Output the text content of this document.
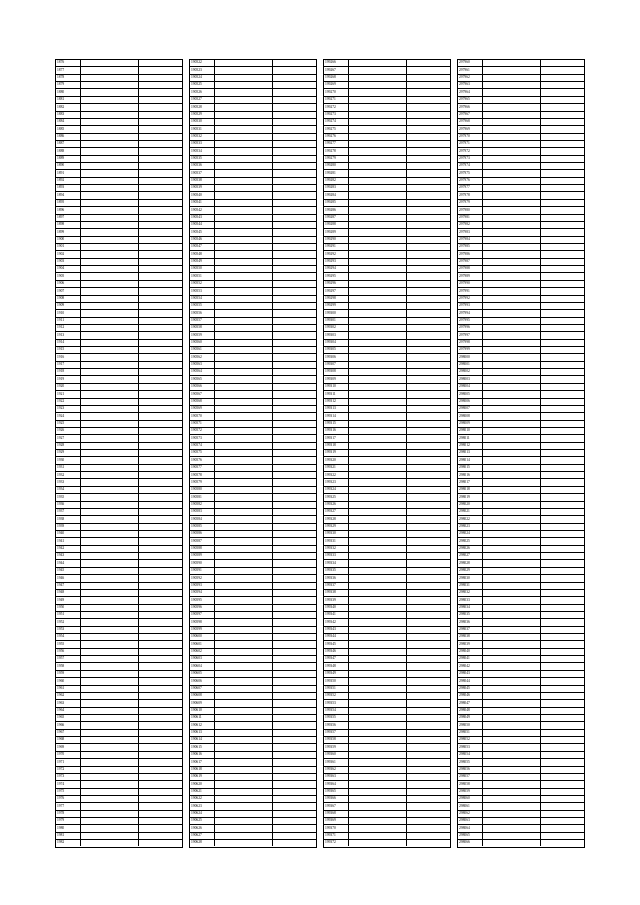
1876
1877
1878
1879
1880
1881
1882
1883
1884
1885
1886
1887
1888
1889
1890
1891
1892
1893
1894
1895
1896
1897
1898
1899
1900
1901
1902
1903
1904
1905
1906
1907
1908
1909
1910
1911
1912
1913
1914
1915
1916
1917
1918
1919
1920
1921
1922
1923
1924
1925
1926
1927
1928
1929
1930
1931
1932
1933
1934
1935
1936
1937
1938
1939
1940
1941
1942
1943
1944
1945
1946
1947
1948
1949
1950
1951
1952
1953
1954
1955
1956
1957
1958
1959
1960
1961
1962
1963
1964
1965
1966
1967
1968
1969
1970
1971
1972
1973
1974
1975
1976
1977
1978
1979
1980
1981
1982
190522
190523
190524
190525
190526
190527
190528
190529
190530
190531
190532
190533
190534
190535
190536
190537
190538
190539
190540
190541
190542
190543
190544
190545
190546
190547
190548
190549
190550
190551
190552
190553
190554
190555
190556
190557
190558
190559
190560
190561
190562
190563
190564
190565
190566
190567
190568
190569
190570
190571
190572
190573
190574
190575
190576
190577
190578
190579
190580
190581
190582
190583
190584
190585
190586
190587
190588
190589
190590
190591
190592
190593
190594
190595
190596
190597
190598
190599
190600
190601
190602
190603
190604
190605
190606
190607
190608
190609
190610
190611
190612
190613
190614
190615
190616
190617
190618
190619
190620
190621
190622
190623
190624
190625
190626
190627
190628
199266
199267
199268
199269
199270
199271
199272
199273
199274
199275
199276
199277
199278
199279
199280
199281
199282
199283
199284
199285
199286
199287
199288
199289
199290
199291
199292
199293
199294
199295
199296
199297
199298
199299
199300
199301
199302
199303
199304
199305
199306
199307
199308
199309
199310
199311
199312
199313
199314
199315
199316
199317
199318
199319
199320
199321
199322
199323
199324
199325
199326
199327
199328
199329
199330
199331
199332
199333
199334
199335
199336
199337
199338
199339
199340
199341
199342
199343
199344
199345
199346
199347
199348
199349
199350
199351
199352
199353
199354
199355
199356
199357
199358
199359
199360
199361
199362
199363
199364
199365
199366
199367
199368
199369
199370
199371
199372
297960
297961
297962
297963
297964
297965
297966
297967
297968
297969
297970
297971
297972
297973
297974
297975
297976
297977
297978
297979
297980
297981
297982
297983
297984
297985
297986
297987
297988
297989
297990
297991
297992
297993
297994
297995
297996
297997
297998
297999
298000
298001
298002
298003
298004
298005
298006
298007
298008
298009
298010
298011
298012
298013
298014
298015
298016
298017
298018
298019
298020
298021
298022
298023
298024
298025
298026
298027
298028
298029
298030
298031
298032
298033
298034
298035
298036
298037
298038
298039
298040
298041
298042
298043
298044
298045
298046
298047
298048
298049
298050
298051
298052
298053
298054
298055
298056
298057
298058
298059
298060
298061
298062
298063
298064
298065
298066
